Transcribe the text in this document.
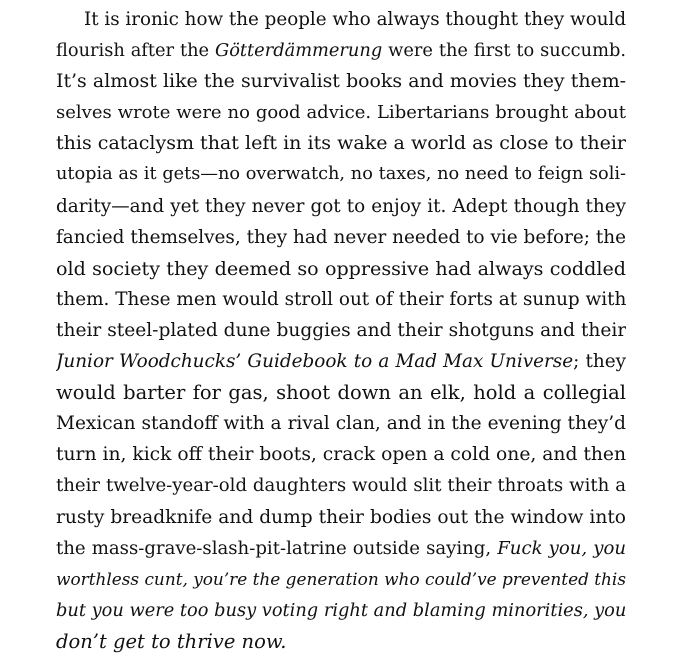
It is ironic how the people who always thought they would
flourish after the Götterdämmerung were the first to succumb.
It’s almost like the survivalist books and movies they them-
selves wrote were no good advice. Libertarians brought about
this cataclysm that left in its wake a world as close to their
utopia as it gets—no overwatch, no taxes, no need to feign soli-
darity—and yet they never got to enjoy it. Adept though they
fancied themselves, they had never needed to vie before; the
old society they deemed so oppressive had always coddled
them. These men would stroll out of their forts at sunup with
their steel-plated dune buggies and their shotguns and their
Junior Woodchucks’ Guidebook to a Mad Max Universe; they
would barter for gas, shoot down an elk, hold a collegial
Mexican standoff with a rival clan, and in the evening they’d
turn in, kick off their boots, crack open a cold one, and then
their twelve-year-old daughters would slit their throats with a
rusty breadknife and dump their bodies out the window into
the mass-grave-slash-pit-latrine outside saying, Fuck you, you
worthless cunt, you’re the generation who could’ve prevented this
but you were too busy voting right and blaming minorities, you
don’t get to thrive now.
